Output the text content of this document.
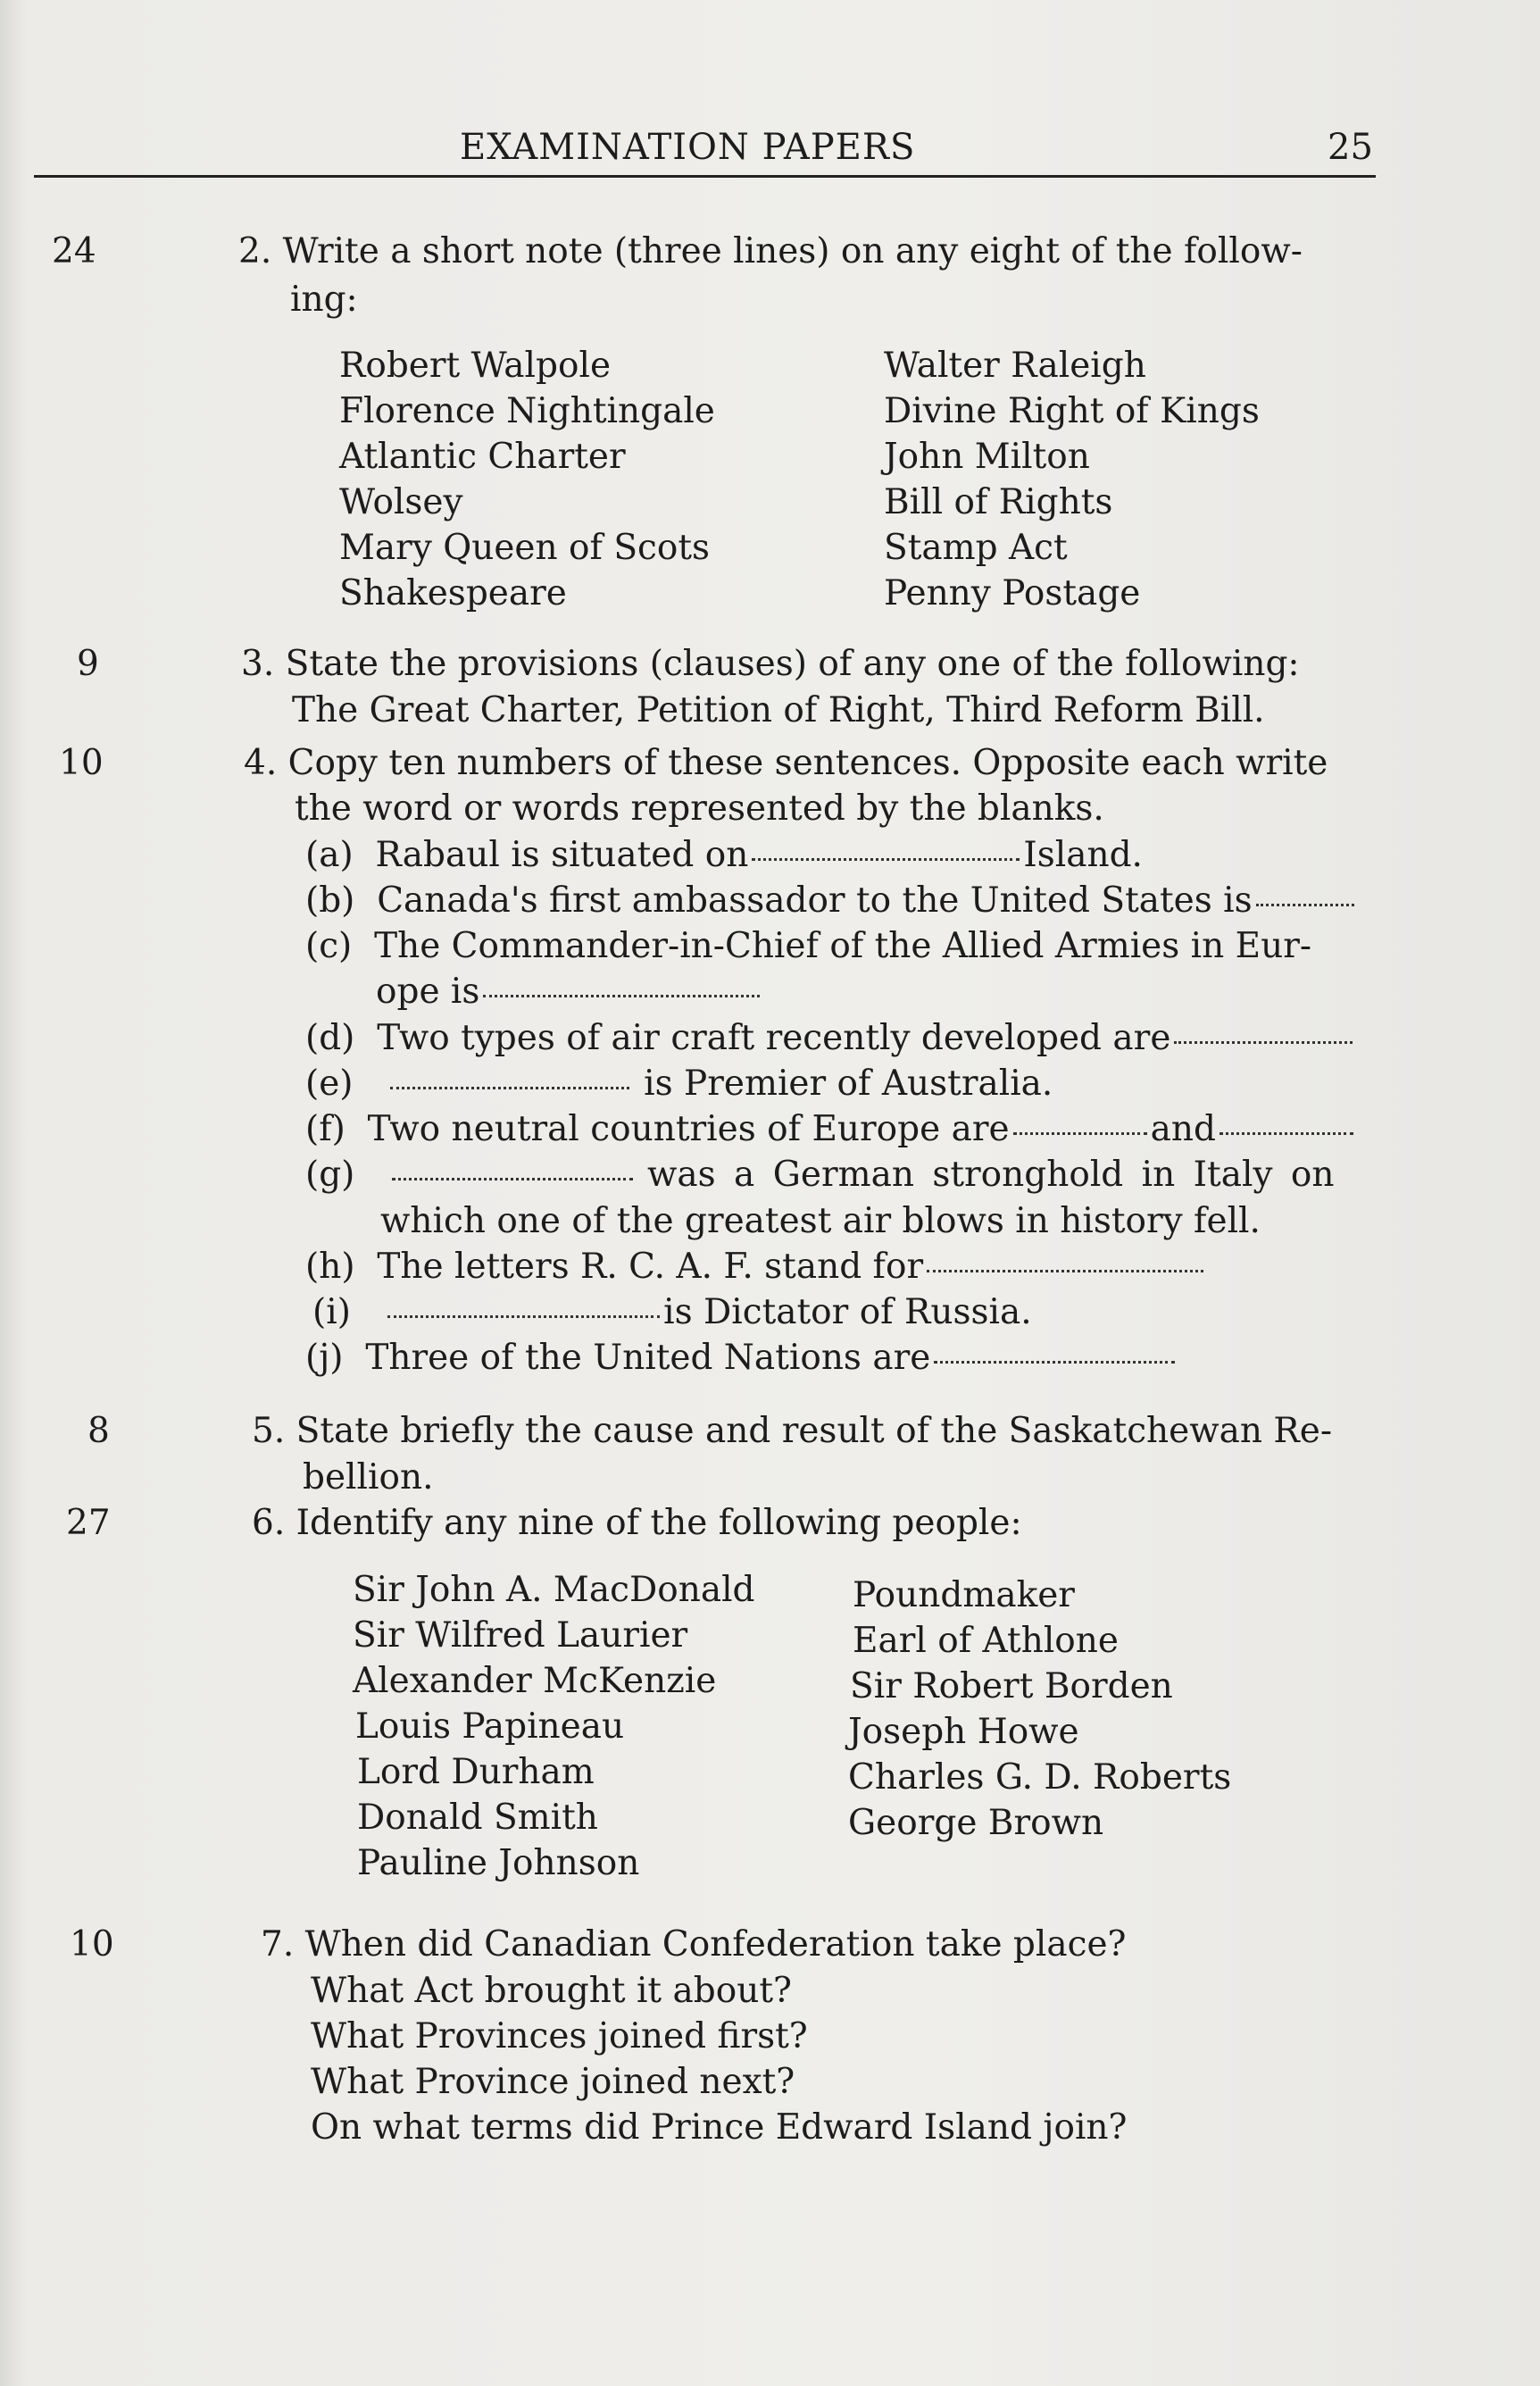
EXAMINATION PAPERS	25
24	2. Write a short note (three lines) on any eight of the follow-
ing:
Robert Walpole
Florence Nightingale
Atlantic Charter
Wolsey
Mary Queen of Scots
Shakespeare
Walter Raleigh
Divine Right of Kings
John Milton
Bill of Rights
Stamp Act
Penny Postage
9	3. State the provisions (clauses) of any one of the following:
The Great Charter, Petition of Right, Third Reform Bill.
10	4. Copy ten numbers of these sentences. Opposite each write
the word or words represented by the blanks.
(a) Rabaul is situated on	Island.
(b) Canada's first ambassador to the United States is
(c) The Commander-in-Chief of the Allied Armies in Eur-
ope is
(d) Two types of air craft recently developed are
(e)	is Premier of Australia.
(f) Two neutral countries of Europe are	and
(g)	was a German stronghold in Italy on
which one of the greatest air blows in history fell.
(h) The letters R. C. A. F. stand for
(i)	is Dictator of Russia.
(j) Three of the United Nations are
8	5. State briefly the cause and result of the Saskatchewan Re-
bellion.
27	6. Identify any nine of the following people:
Sir John A. MacDonald
Sir Wilfred Laurier
Alexander McKenzie
Louis Papineau
Lord Durham
Donald Smith
Pauline Johnson
Poundmaker
Earl of Athlone
Sir Robert Borden
Joseph Howe
Charles G. D. Roberts
George Brown
10	7. When did Canadian Confederation take place?
What Act brought it about?
What Provinces joined first?
What Province joined next?
On what terms did Prince Edward Island join?
